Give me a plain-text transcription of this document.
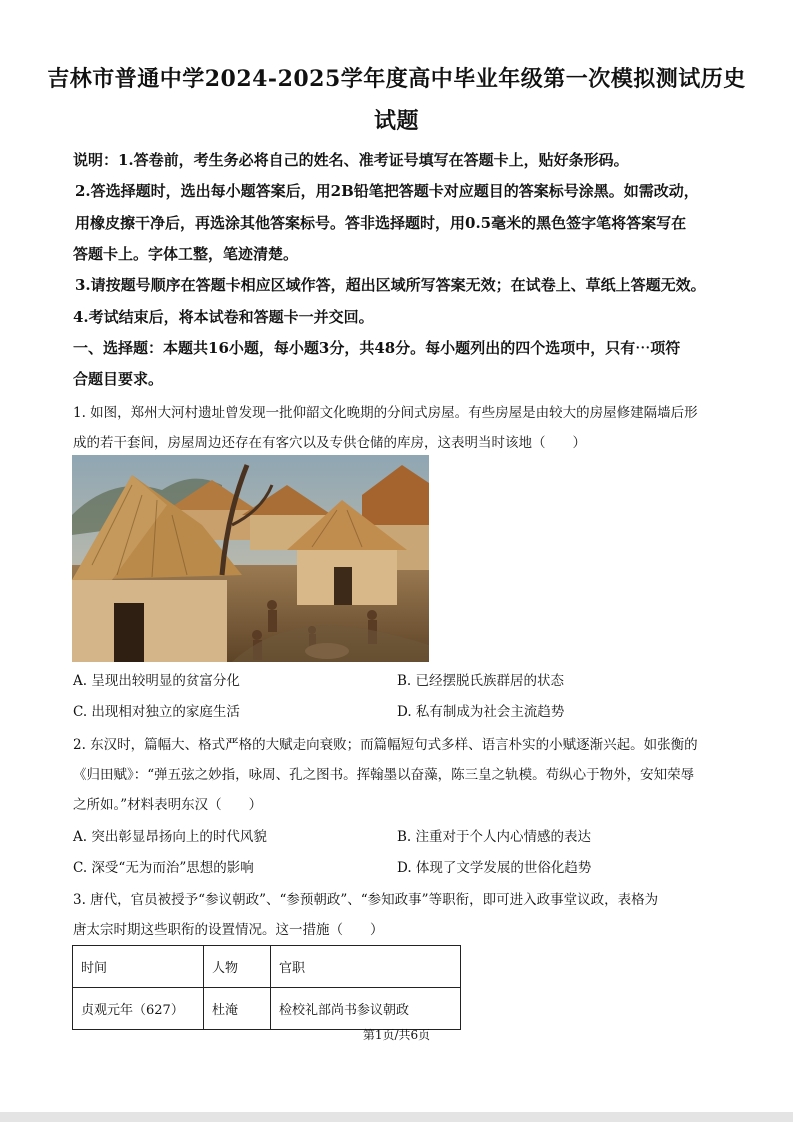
吉林市普通中学2024-2025学年度高中毕业年级第一次模拟测试历史
试题
说明：1.答卷前，考生务必将自己的姓名、准考证号填写在答题卡上，贴好条形码。
2.答选择题时，选出每小题答案后，用2B铅笔把答题卡对应题目的答案标号涂黑。如需改动，
用橡皮擦干净后，再选涂其他答案标号。答非选择题时，用0.5毫米的黑色签字笔将答案写在
答题卡上。字体工整，笔迹清楚。
3.请按题号顺序在答题卡相应区域作答，超出区域所写答案无效；在试卷上、草纸上答题无效。
4.考试结束后，将本试卷和答题卡一并交回。
一、选择题：本题共16小题，每小题3分，共48分。每小题列出的四个选项中，只有⋯项符
合题目要求。
1. 如图，郑州大河村遗址曾发现一批仰韶文化晚期的分间式房屋。有些房屋是由较大的房屋修建隔墙后形
成的若干套间，房屋周边还存在有客穴以及专供仓储的库房，这表明当时该地（　　）
A. 呈现出较明显的贫富分化	B. 已经摆脱氏族群居的状态
C. 出现相对独立的家庭生活	D. 私有制成为社会主流趋势
2. 东汉时，篇幅大、格式严格的大赋走向衰败；而篇幅短句式多样、语言朴实的小赋逐渐兴起。如张衡的
《归田赋》：“弹五弦之妙指，咏周、孔之图书。挥翰墨以奋藻，陈三皇之轨模。苟纵心于物外，安知荣辱
之所如。”材料表明东汉（　　）
A. 突出彰显昂扬向上的时代风貌	B. 注重对于个人内心情感的表达
C. 深受“无为而治”思想的影响	D. 体现了文学发展的世俗化趋势
3. 唐代，官员被授予“参议朝政”、“参预朝政”、“参知政事”等职衔，即可进入政事堂议政，表格为
唐太宗时期这些职衔的设置情况。这一措施（　　）
时间	人物	官职
贞观元年（627）	杜淹	检校礼部尚书参议朝政
第1页/共6页
